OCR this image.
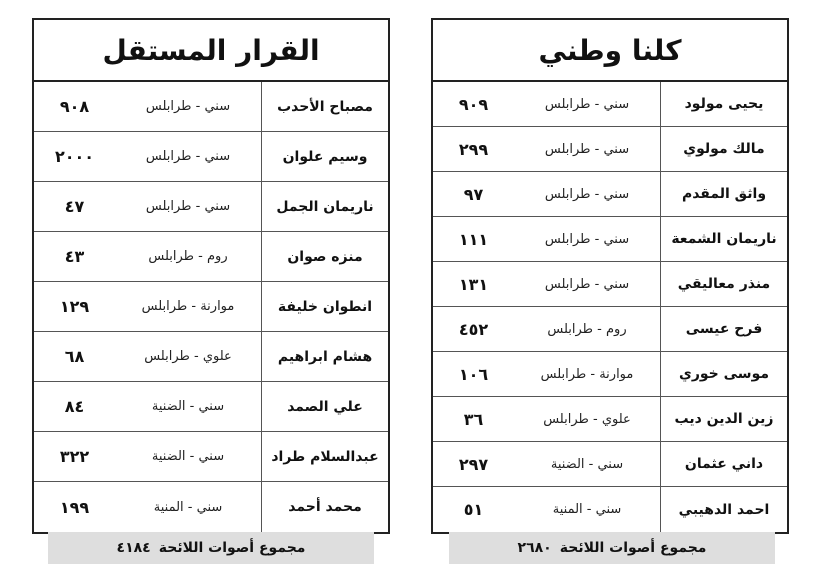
القرار المستقل
مصباح الأحدب
سني - طرابلس
٩٠٨
وسيم علوان
سني - طرابلس
٢٠٠٠
ناريمان الجمل
سني - طرابلس
٤٧
منزه صوان
روم - طرابلس
٤٣
انطوان خليفة
موارنة - طرابلس
١٢٩
هشام ابراهيم
علوي - طرابلس
٦٨
علي الصمد
سني - الضنية
٨٤
عبدالسلام طراد
سني - الضنية
٣٢٢
محمد أحمد
سني - المنية
١٩٩
كلنا وطني
يحيى مولود
سني - طرابلس
٩٠٩
مالك مولوي
سني - طرابلس
٢٩٩
واثق المقدم
سني - طرابلس
٩٧
ناريمان الشمعة
سني - طرابلس
١١١
منذر معاليقي
سني - طرابلس
١٣١
فرح عيسى
روم - طرابلس
٤٥٢
موسى خوري
موارنة - طرابلس
١٠٦
زين الدين ديب
علوي - طرابلس
٣٦
داني عثمان
سني - الضنية
٢٩٧
احمد الدهيبي
سني - المنية
٥١
مجموع أصوات اللائحة
٤١٨٤	مجموع أصوات اللائحة
٢٦٨٠
